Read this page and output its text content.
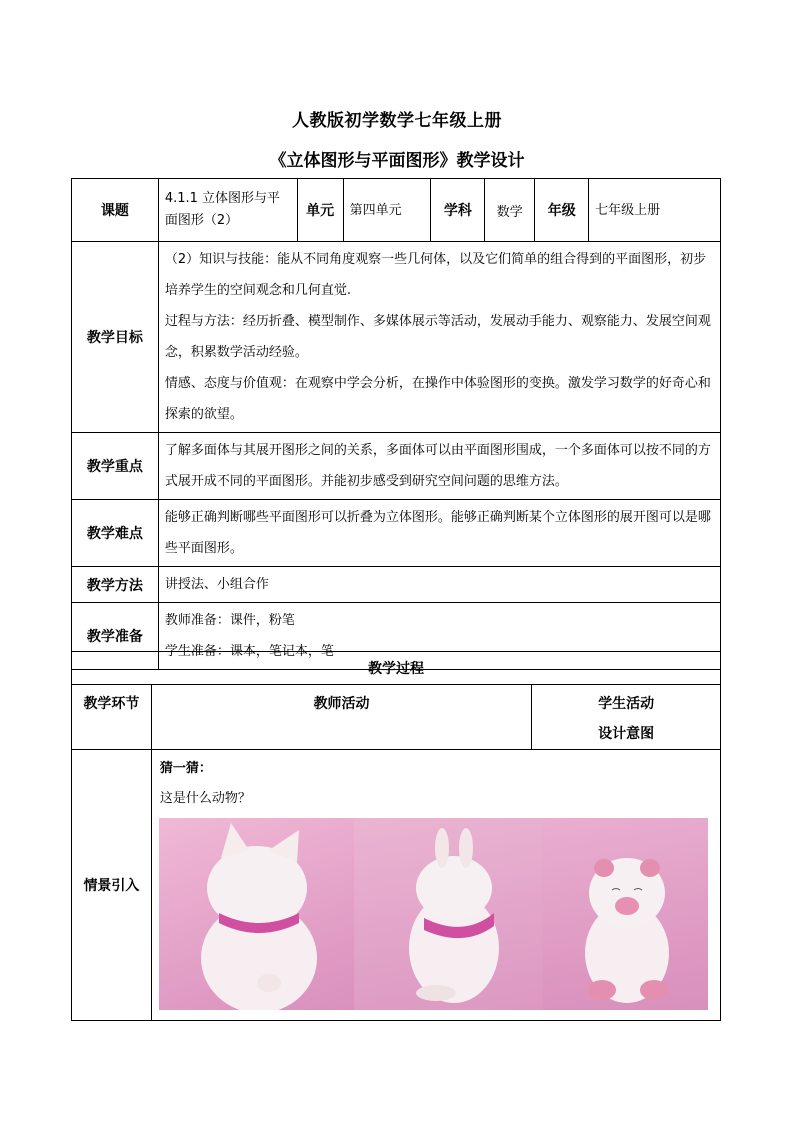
人教版初学数学七年级上册
《立体图形与平面图形》教学设计
课题	4.1.1 立体图形与平面图形（2）	单元	第四单元	学科	数学	年级	七年级上册
教学目标	（2）知识与技能：能从不同角度观察一些几何体，以及它们简单的组合得到的平面图形，初步培养学生的空间观念和几何直觉.
过程与方法：经历折叠、模型制作、多媒体展示等活动，发展动手能力、观察能力、发展空间观念，积累数学活动经验。
情感、态度与价值观：在观察中学会分析，在操作中体验图形的变换。激发学习数学的好奇心和探索的欲望。						

教学重点	了解多面体与其展开图形之间的关系，多面体可以由平面图形围成，一个多面体可以按不同的方式展开成不同的平面图形。并能初步感受到研究空间问题的思维方法。						
教学难点	能够正确判断哪些平面图形可以折叠为立体图形。能够正确判断某个立体图形的展开图可以是哪些平面图形。						
教学方法	讲授法、小组合作						
教学准备	教师准备：课件，粉笔
学生准备：课本，笔记本，笔						
教学过程		
教学环节	教师活动	学生活动
设计意图

情景引入	猜一猜：
这是什么动物？	
